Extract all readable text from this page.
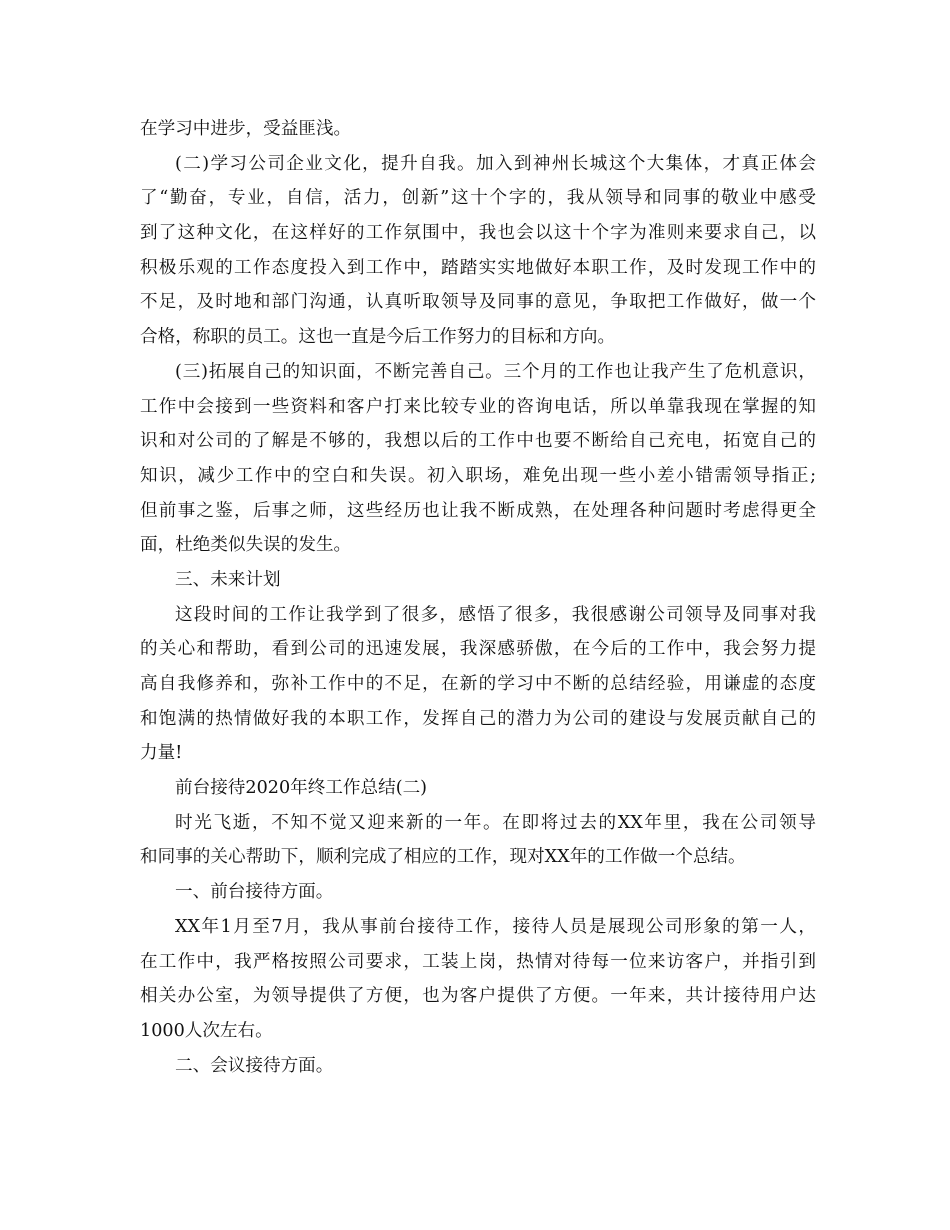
在学习中进步，受益匪浅。
(二)学习公司企业文化，提升自我。加入到神州长城这个大集体，才真正体会
了“勤奋，专业，自信，活力，创新”这十个字的，我从领导和同事的敬业中感受
到了这种文化，在这样好的工作氛围中，我也会以这十个字为准则来要求自己，以
积极乐观的工作态度投入到工作中，踏踏实实地做好本职工作，及时发现工作中的
不足，及时地和部门沟通，认真听取领导及同事的意见，争取把工作做好，做一个
合格，称职的员工。这也一直是今后工作努力的目标和方向。
(三)拓展自己的知识面，不断完善自己。三个月的工作也让我产生了危机意识，
工作中会接到一些资料和客户打来比较专业的咨询电话，所以单靠我现在掌握的知
识和对公司的了解是不够的，我想以后的工作中也要不断给自己充电，拓宽自己的
知识，减少工作中的空白和失误。初入职场，难免出现一些小差小错需领导指正;
但前事之鉴，后事之师，这些经历也让我不断成熟，在处理各种问题时考虑得更全
面，杜绝类似失误的发生。
三、未来计划
这段时间的工作让我学到了很多，感悟了很多，我很感谢公司领导及同事对我
的关心和帮助，看到公司的迅速发展，我深感骄傲，在今后的工作中，我会努力提
高自我修养和，弥补工作中的不足，在新的学习中不断的总结经验，用谦虚的态度
和饱满的热情做好我的本职工作，发挥自己的潜力为公司的建设与发展贡献自己的
力量!
前台接待2020年终工作总结(二)
时光飞逝，不知不觉又迎来新的一年。在即将过去的XX年里，我在公司领导
和同事的关心帮助下，顺利完成了相应的工作，现对XX年的工作做一个总结。
一、前台接待方面。
XX年1月至7月，我从事前台接待工作，接待人员是展现公司形象的第一人，
在工作中，我严格按照公司要求，工装上岗，热情对待每一位来访客户，并指引到
相关办公室，为领导提供了方便，也为客户提供了方便。一年来，共计接待用户达
1000人次左右。
二、会议接待方面。
